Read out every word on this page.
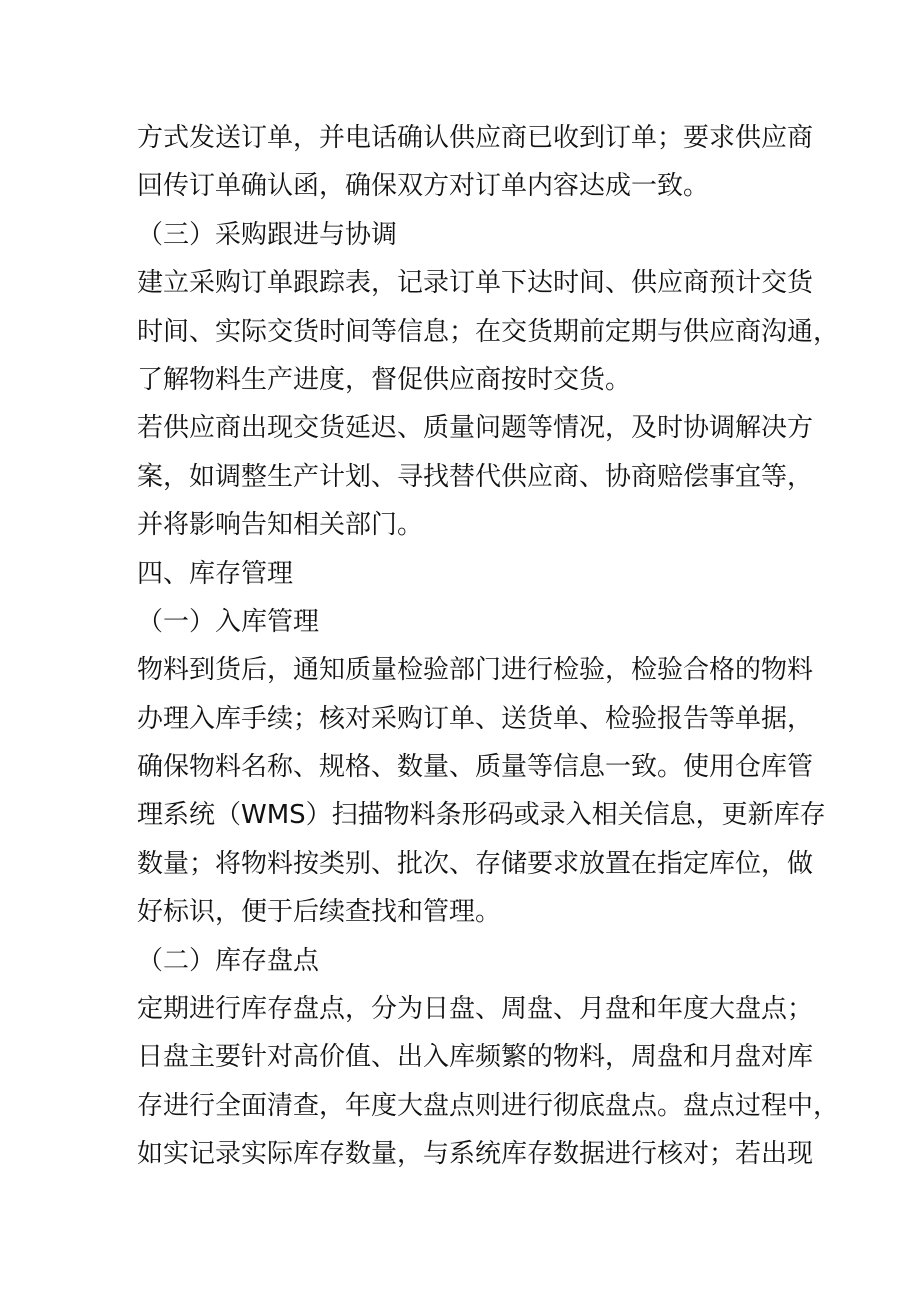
方式发送订单，并电话确认供应商已收到订单；要求供应商
回传订单确认函，确保双方对订单内容达成一致。
（三）采购跟进与协调
建立采购订单跟踪表，记录订单下达时间、供应商预计交货
时间、实际交货时间等信息；在交货期前定期与供应商沟通，
了解物料生产进度，督促供应商按时交货。
若供应商出现交货延迟、质量问题等情况，及时协调解决方
案，如调整生产计划、寻找替代供应商、协商赔偿事宜等，
并将影响告知相关部门。
四、库存管理
（一）入库管理
物料到货后，通知质量检验部门进行检验，检验合格的物料
办理入库手续；核对采购订单、送货单、检验报告等单据，
确保物料名称、规格、数量、质量等信息一致。使用仓库管
理系统（WMS）扫描物料条形码或录入相关信息，更新库存
数量；将物料按类别、批次、存储要求放置在指定库位，做
好标识，便于后续查找和管理。
（二）库存盘点
定期进行库存盘点，分为日盘、周盘、月盘和年度大盘点；
日盘主要针对高价值、出入库频繁的物料，周盘和月盘对库
存进行全面清查，年度大盘点则进行彻底盘点。盘点过程中，
如实记录实际库存数量，与系统库存数据进行核对；若出现
